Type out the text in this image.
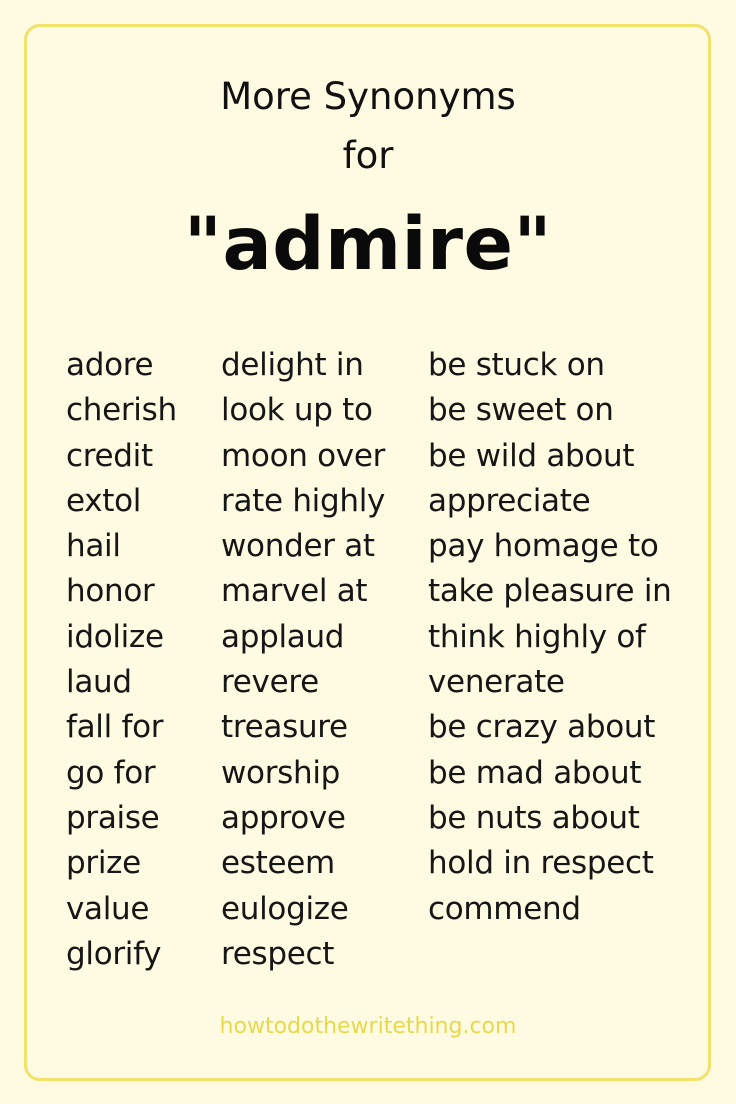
More Synonyms
for
"admire"
adore
cherish
credit
extol
hail
honor
idolize
laud
fall for
go for
praise
prize
value
glorify
delight in
look up to
moon over
rate highly
wonder at
marvel at
applaud
revere
treasure
worship
approve
esteem
eulogize
respect
be stuck on
be sweet on
be wild about
appreciate
pay homage to
take pleasure in
think highly of
venerate
be crazy about
be mad about
be nuts about
hold in respect
commend
howtodothewritething.com
